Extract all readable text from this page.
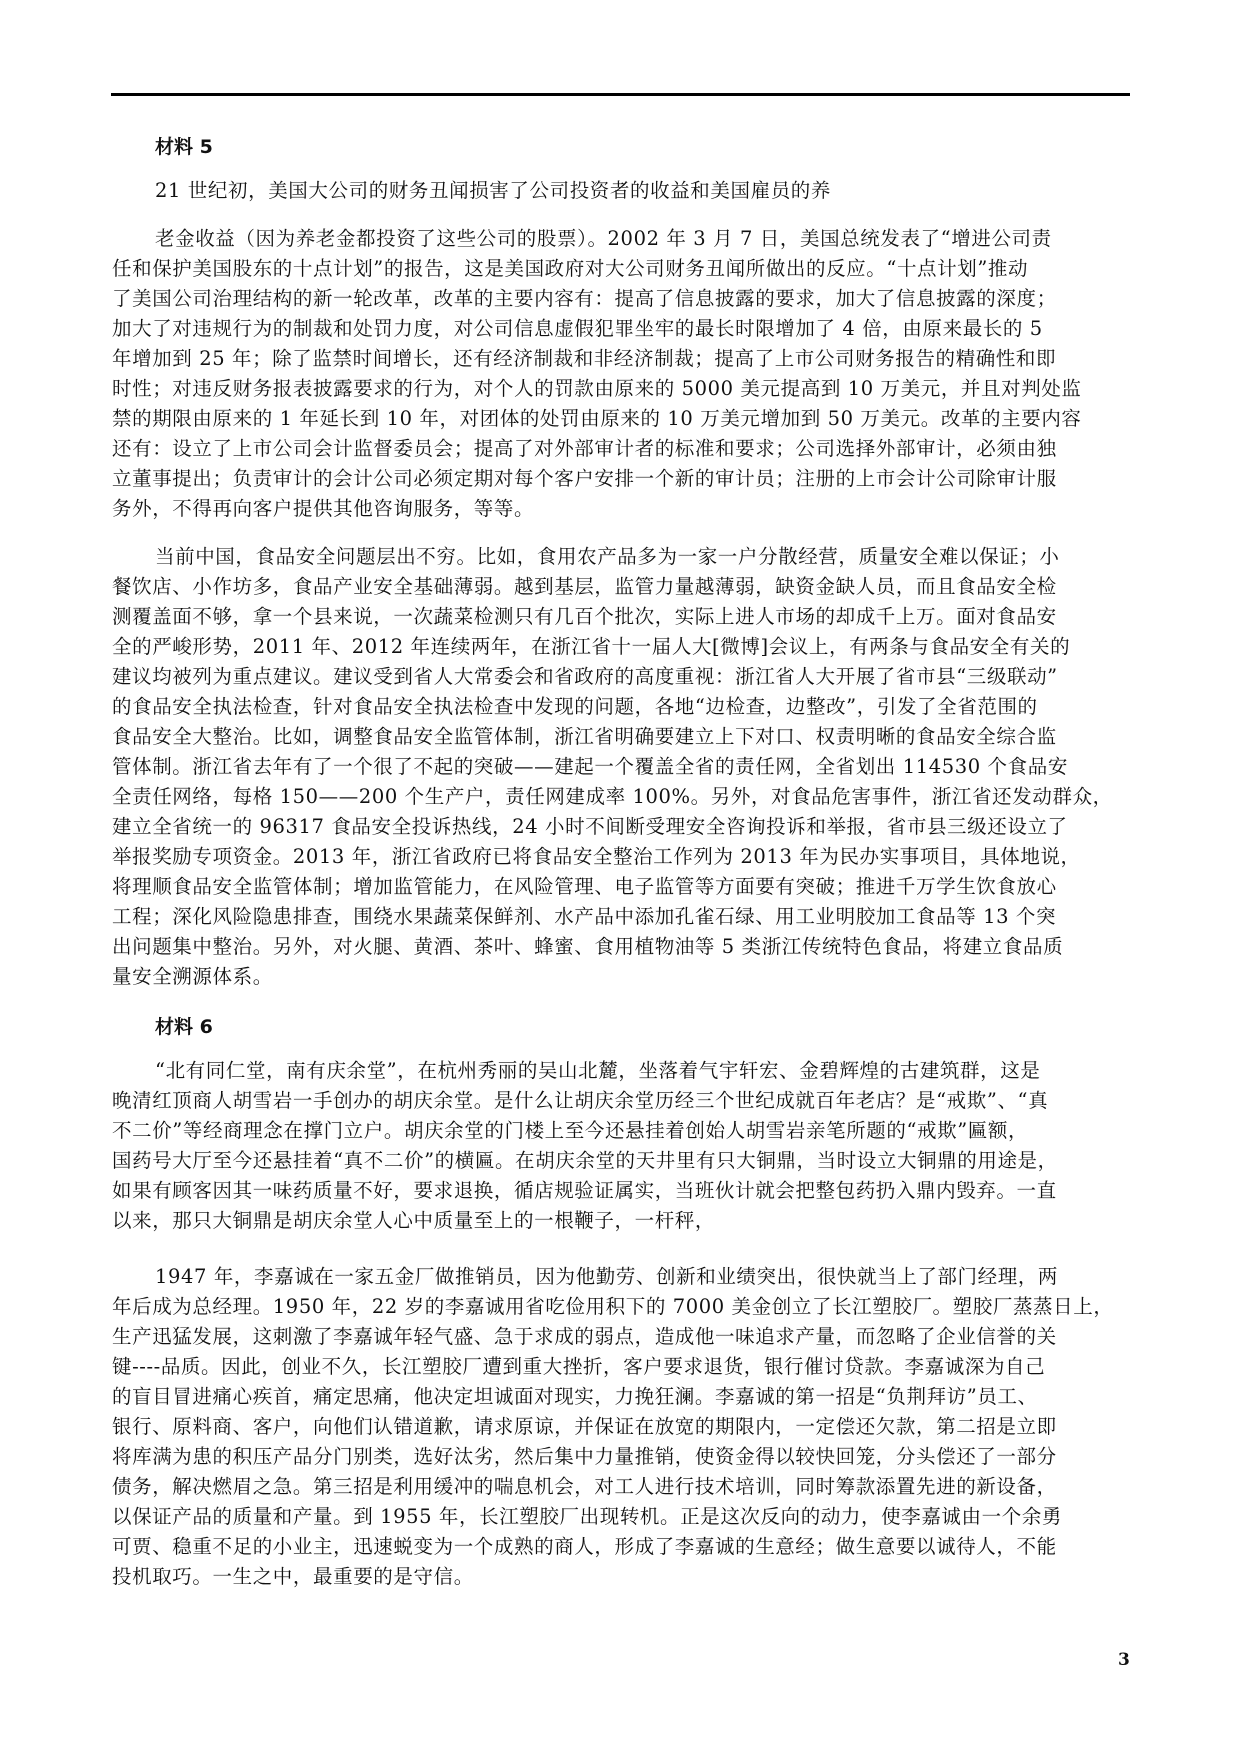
材料 5
21 世纪初，美国大公司的财务丑闻损害了公司投资者的收益和美国雇员的养
老金收益（因为养老金都投资了这些公司的股票）。2002 年 3 月 7 日，美国总统发表了“增进公司责
任和保护美国股东的十点计划”的报告，这是美国政府对大公司财务丑闻所做出的反应。“十点计划”推动
了美国公司治理结构的新一轮改革，改革的主要内容有：提高了信息披露的要求，加大了信息披露的深度；
加大了对违规行为的制裁和处罚力度，对公司信息虚假犯罪坐牢的最长时限增加了 4 倍，由原来最长的 5
年增加到 25 年；除了监禁时间增长，还有经济制裁和非经济制裁；提高了上市公司财务报告的精确性和即
时性；对违反财务报表披露要求的行为，对个人的罚款由原来的 5000 美元提高到 10 万美元，并且对判处监
禁的期限由原来的 1 年延长到 10 年，对团体的处罚由原来的 10 万美元增加到 50 万美元。改革的主要内容
还有：设立了上市公司会计监督委员会；提高了对外部审计者的标准和要求；公司选择外部审计，必须由独
立董事提出；负责审计的会计公司必须定期对每个客户安排一个新的审计员；注册的上市会计公司除审计服
务外，不得再向客户提供其他咨询服务，等等。
当前中国，食品安全问题层出不穷。比如，食用农产品多为一家一户分散经营，质量安全难以保证；小
餐饮店、小作坊多，食品产业安全基础薄弱。越到基层，监管力量越薄弱，缺资金缺人员，而且食品安全检
测覆盖面不够，拿一个县来说，一次蔬菜检测只有几百个批次，实际上进人市场的却成千上万。面对食品安
全的严峻形势，2011 年、2012 年连续两年，在浙江省十一届人大[微博]会议上，有两条与食品安全有关的
建议均被列为重点建议。建议受到省人大常委会和省政府的高度重视：浙江省人大开展了省市县“三级联动”
的食品安全执法检查，针对食品安全执法检查中发现的问题，各地“边检查，边整改”，引发了全省范围的
食品安全大整治。比如，调整食品安全监管体制，浙江省明确要建立上下对口、权责明晰的食品安全综合监
管体制。浙江省去年有了一个很了不起的突破——建起一个覆盖全省的责任网，全省划出 114530 个食品安
全责任网络，每格 150——200 个生产户，责任网建成率 100%。另外，对食品危害事件，浙江省还发动群众，
建立全省统一的 96317 食品安全投诉热线，24 小时不间断受理安全咨询投诉和举报，省市县三级还设立了
举报奖励专项资金。2013 年，浙江省政府已将食品安全整治工作列为 2013 年为民办实事项目，具体地说，
将理顺食品安全监管体制；增加监管能力，在风险管理、电子监管等方面要有突破；推进千万学生饮食放心
工程；深化风险隐患排查，围绕水果蔬菜保鲜剂、水产品中添加孔雀石绿、用工业明胶加工食品等 13 个突
出问题集中整治。另外，对火腿、黄酒、茶叶、蜂蜜、食用植物油等 5 类浙江传统特色食品，将建立食品质
量安全溯源体系。
材料 6
“北有同仁堂，南有庆余堂”，在杭州秀丽的吴山北麓，坐落着气宇轩宏、金碧辉煌的古建筑群，这是
晚清红顶商人胡雪岩一手创办的胡庆余堂。是什么让胡庆余堂历经三个世纪成就百年老店？是“戒欺”、“真
不二价”等经商理念在撑门立户。胡庆余堂的门楼上至今还悬挂着创始人胡雪岩亲笔所题的“戒欺”匾额，
国药号大厅至今还悬挂着“真不二价”的横匾。在胡庆余堂的天井里有只大铜鼎，当时设立大铜鼎的用途是，
如果有顾客因其一味药质量不好，要求退换，循店规验证属实，当班伙计就会把整包药扔入鼎内毁弃。一直
以来，那只大铜鼎是胡庆余堂人心中质量至上的一根鞭子，一杆秤，
1947 年，李嘉诚在一家五金厂做推销员，因为他勤劳、创新和业绩突出，很快就当上了部门经理，两
年后成为总经理。1950 年，22 岁的李嘉诚用省吃俭用积下的 7000 美金创立了长江塑胶厂。塑胶厂蒸蒸日上，
生产迅猛发展，这刺激了李嘉诚年轻气盛、急于求成的弱点，造成他一味追求产量，而忽略了企业信誉的关
键----品质。因此，创业不久，长江塑胶厂遭到重大挫折，客户要求退货，银行催讨贷款。李嘉诚深为自己
的盲目冒进痛心疾首，痛定思痛，他决定坦诚面对现实，力挽狂澜。李嘉诚的第一招是“负荆拜访”员工、
银行、原料商、客户，向他们认错道歉，请求原谅，并保证在放宽的期限内，一定偿还欠款，第二招是立即
将库满为患的积压产品分门别类，选好汰劣，然后集中力量推销，使资金得以较快回笼，分头偿还了一部分
债务，解决燃眉之急。第三招是利用缓冲的喘息机会，对工人进行技术培训，同时筹款添置先进的新设备，
以保证产品的质量和产量。到 1955 年，长江塑胶厂出现转机。正是这次反向的动力，使李嘉诚由一个余勇
可贾、稳重不足的小业主，迅速蜕变为一个成熟的商人，形成了李嘉诚的生意经；做生意要以诚待人，不能
投机取巧。一生之中，最重要的是守信。
3
